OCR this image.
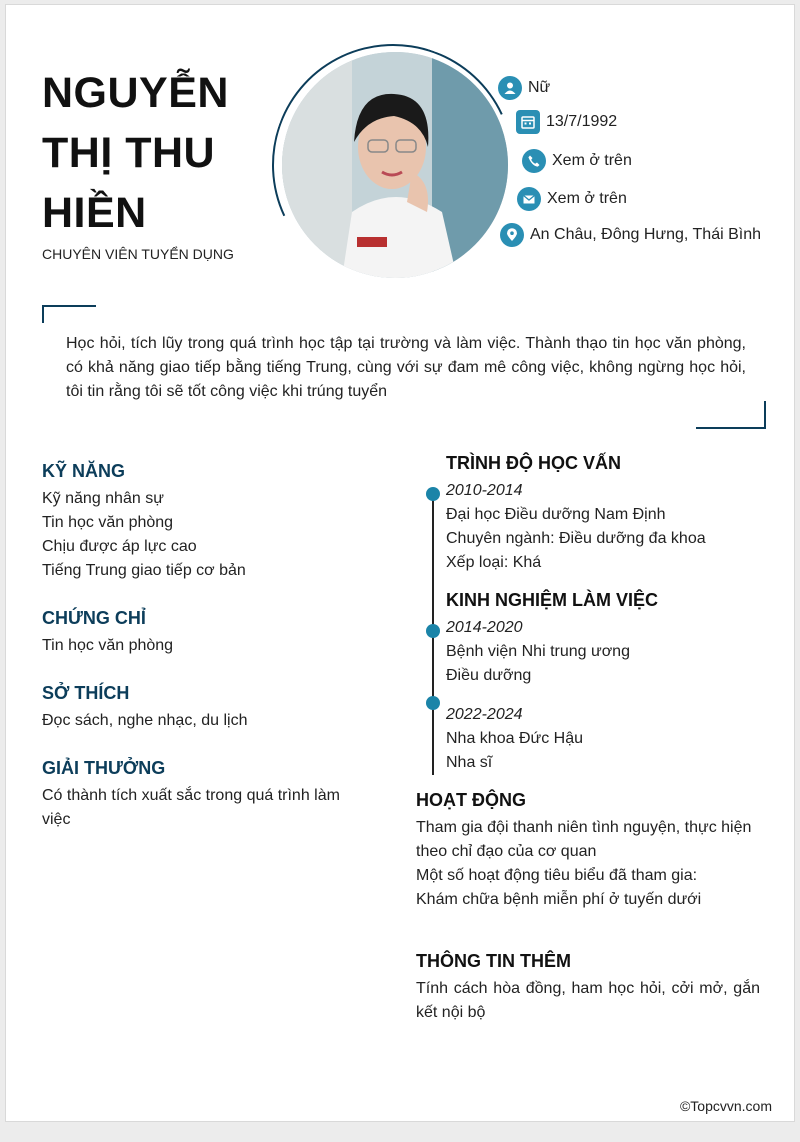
NGUYỄN
THỊ THU
HIỀN
CHUYÊN VIÊN TUYỂN DỤNG
Nữ
13/7/1992
Xem ở trên
Xem ở trên
An Châu, Đông Hưng, Thái Bình
Học hỏi, tích lũy trong quá trình học tập tại trường và làm việc. Thành thạo tin học văn phòng, có khả năng giao tiếp bằng tiếng Trung, cùng với sự đam mê công việc, không ngừng học hỏi, tôi tin rằng tôi sẽ tốt công việc khi trúng tuyển
KỸ NĂNG
Kỹ năng nhân sự
Tin học văn phòng
Chịu được áp lực cao
Tiếng Trung giao tiếp cơ bản
CHỨNG CHỈ
Tin học văn phòng
SỞ THÍCH
Đọc sách, nghe nhạc, du lịch
GIẢI THƯỞNG
Có thành tích xuất sắc trong quá trình làm việc
TRÌNH ĐỘ HỌC VẤN
2010-2014
Đại học Điều dưỡng Nam Định
Chuyên ngành: Điều dưỡng đa khoa
Xếp loại: Khá
KINH NGHIỆM LÀM VIỆC
2014-2020
Bệnh viện Nhi trung ương
Điều dưỡng
2022-2024
Nha khoa Đức Hậu
Nha sĩ
HOẠT ĐỘNG
Tham gia đội thanh niên tình nguyện, thực hiện theo chỉ đạo của cơ quan
Một số hoạt động tiêu biểu đã tham gia:
Khám chữa bệnh miễn phí ở tuyến dưới
THÔNG TIN THÊM
Tính cách hòa đồng, ham học hỏi, cởi mở, gắn kết nội bộ
©Topcvvn.com
